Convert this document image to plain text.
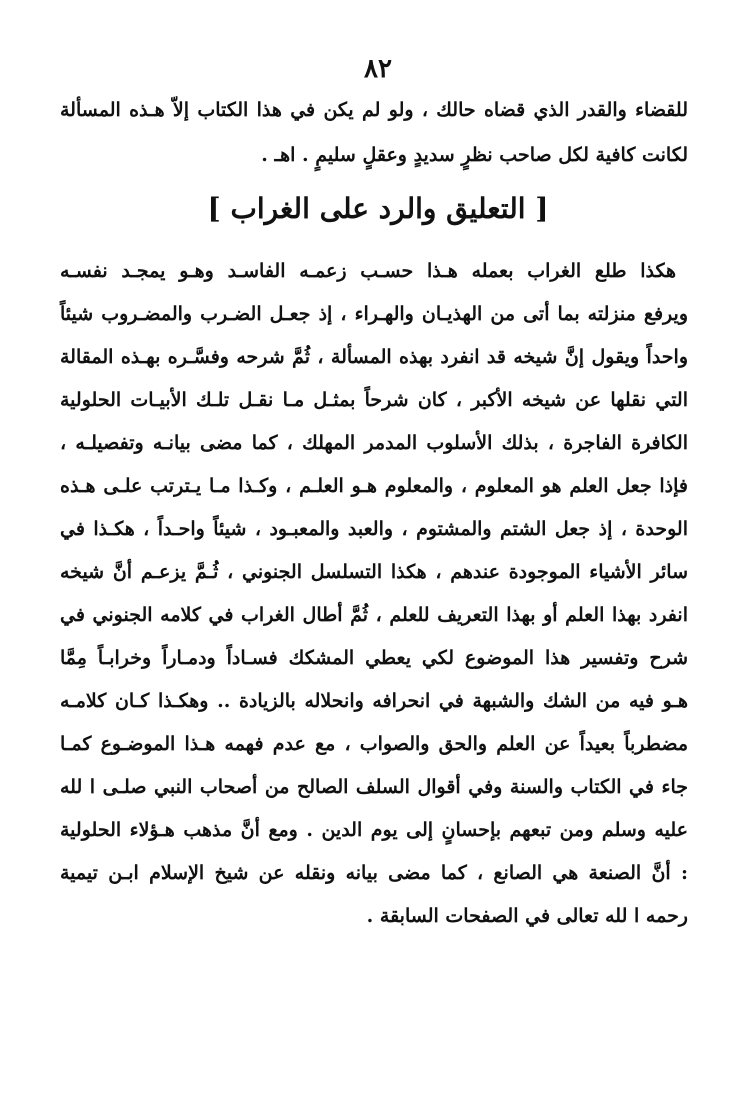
٨٢
للقضاء والقدر الذي قضاه حالك ، ولو لم يكن في هذا الكتاب إلاّ هـذه المسألة
لكانت كافية لكل صاحب نظرٍ سديدٍ وعقلٍ سليمٍ . اهـ .
[ التعليق والرد على الغراب ]
هكذا طلع الغراب بعمله هـذا حسـب زعمـه الفاسـد وهـو يمجـد نفسـه
ويرفع منزلته بما أتى من الهذيـان والهـراء ، إذ جعـل الضـرب والمضـروب شيئاً
واحداً ويقول إنَّ شيخه قد انفرد بهذه المسألة ، ثُمَّ شرحه وفسَّـره بهـذه المقالة
التي نقلها عن شيخه الأكبر ، كان شرحاً بمثـل مـا نقـل تلـك الأبيـات الحلولية
الكافرة الفاجرة ، بذلك الأسلوب المدمر المهلك ، كما مضى بيانـه وتفصيلـه ،
فإذا جعل العلم هو المعلوم ، والمعلوم هـو العلـم ، وكـذا مـا يـترتب علـى هـذه
الوحدة ، إذ جعل الشتم والمشتوم ، والعبد والمعبـود ، شيئاً واحـداً ، هكـذا في
سائر الأشياء الموجودة عندهم ، هكذا التسلسل الجنوني ، ثُـمَّ يزعـم أنَّ شيخه
انفرد بهذا العلم أو بهذا التعريف للعلم ، ثُمَّ أطال الغراب في كلامه الجنوني في
شرح وتفسير هذا الموضوع لكي يعطي المشكك فسـاداً ودمـاراً وخرابـاً مِمَّا
هـو فيه من الشك والشبهة في انحرافه وانحلاله بالزيادة .. وهكـذا كـان كلامـه
مضطرباً بعيداً عن العلم والحق والصواب ، مع عدم فهمه هـذا الموضـوع كمـا
جاء في الكتاب والسنة وفي أقوال السلف الصالح من أصحاب النبي صلـى ا لله
عليه وسلم ومن تبعهم بإحسانٍ إلى يوم الدين . ومع أنَّ مذهب هـؤلاء الحلولية
: أنَّ الصنعة هي الصانع ، كما مضى بيانه ونقله عن شيخ الإسلام ابـن تيمية
رحمه ا لله تعالى في الصفحات السابقة .
